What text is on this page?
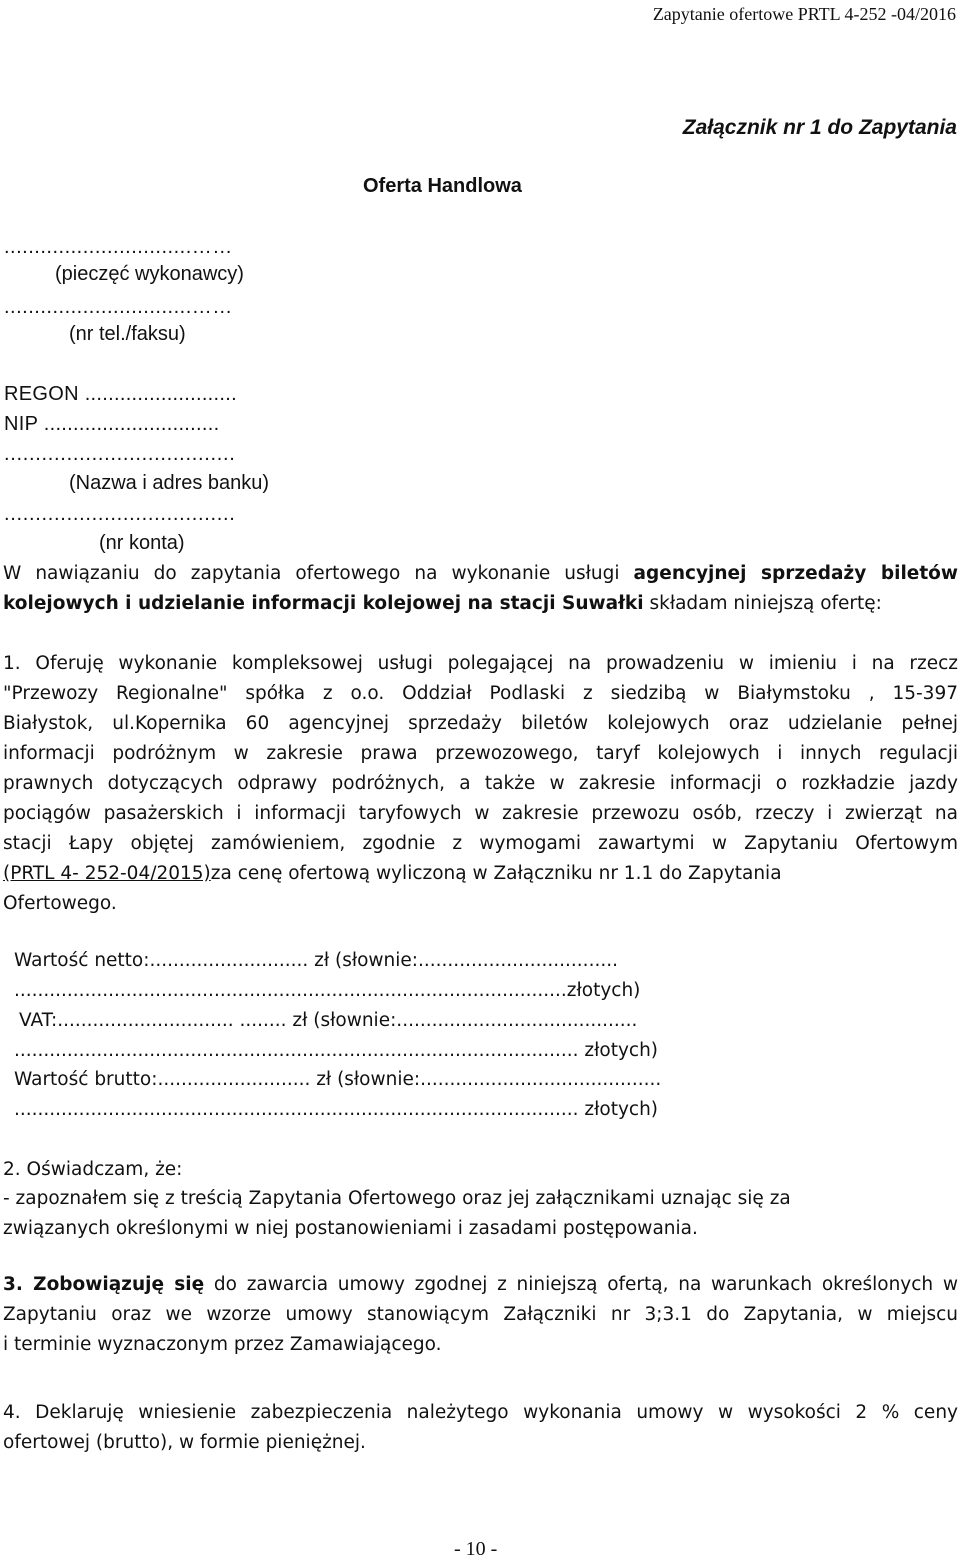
Zapytanie ofertowe PRTL 4-252 -04/2016
Załącznik nr 1 do Zapytania
Oferta Handlowa
...............................……
(pieczęć wykonawcy)
...............................……
(nr tel./faksu)
REGON ..........................
NIP ..............................
.....................................
(Nazwa i adres banku)
.....................................
(nr konta)
W nawiązaniu do zapytania ofertowego na wykonanie usługi agencyjnej sprzedaży biletów
kolejowych i udzielanie informacji kolejowej na stacji Suwałki składam niniejszą ofertę:
1. Oferuję wykonanie kompleksowej usługi polegającej na prowadzeniu w imieniu i na rzecz
"Przewozy Regionalne" spółka z o.o. Oddział Podlaski z siedzibą w Białymstoku , 15-397
Białystok, ul.Kopernika 60 agencyjnej sprzedaży biletów kolejowych oraz udzielanie pełnej
informacji podróżnym w zakresie prawa przewozowego, taryf kolejowych i innych regulacji
prawnych dotyczących odprawy podróżnych, a także w zakresie informacji o rozkładzie jazdy
pociągów pasażerskich i informacji taryfowych w zakresie przewozu osób, rzeczy i zwierząt na
stacji Łapy objętej zamówieniem, zgodnie z wymogami zawartymi w Zapytaniu Ofertowym
(PRTL 4- 252-04/2015)za cenę ofertową wyliczoną w Załączniku nr 1.1 do Zapytania
Ofertowego.
Wartość netto:........................... zł (słownie:..................................
..............................................................................................złotych)
VAT:.............................. ........ zł (słownie:.........................................
................................................................................................ złotych)
Wartość brutto:.......................... zł (słownie:.........................................
................................................................................................ złotych)
2. Oświadczam, że:
- zapoznałem się z treścią Zapytania Ofertowego oraz jej załącznikami uznając się za
związanych określonymi w niej postanowieniami i zasadami postępowania.
3. Zobowiązuję się do zawarcia umowy zgodnej z niniejszą ofertą, na warunkach określonych w
Zapytaniu oraz we wzorze umowy stanowiącym Załączniki nr 3;3.1 do Zapytania, w miejscu
i terminie wyznaczonym przez Zamawiającego.
4. Deklaruję wniesienie zabezpieczenia należytego wykonania umowy w wysokości 2 % ceny
ofertowej (brutto), w formie pieniężnej.
- 10 -
